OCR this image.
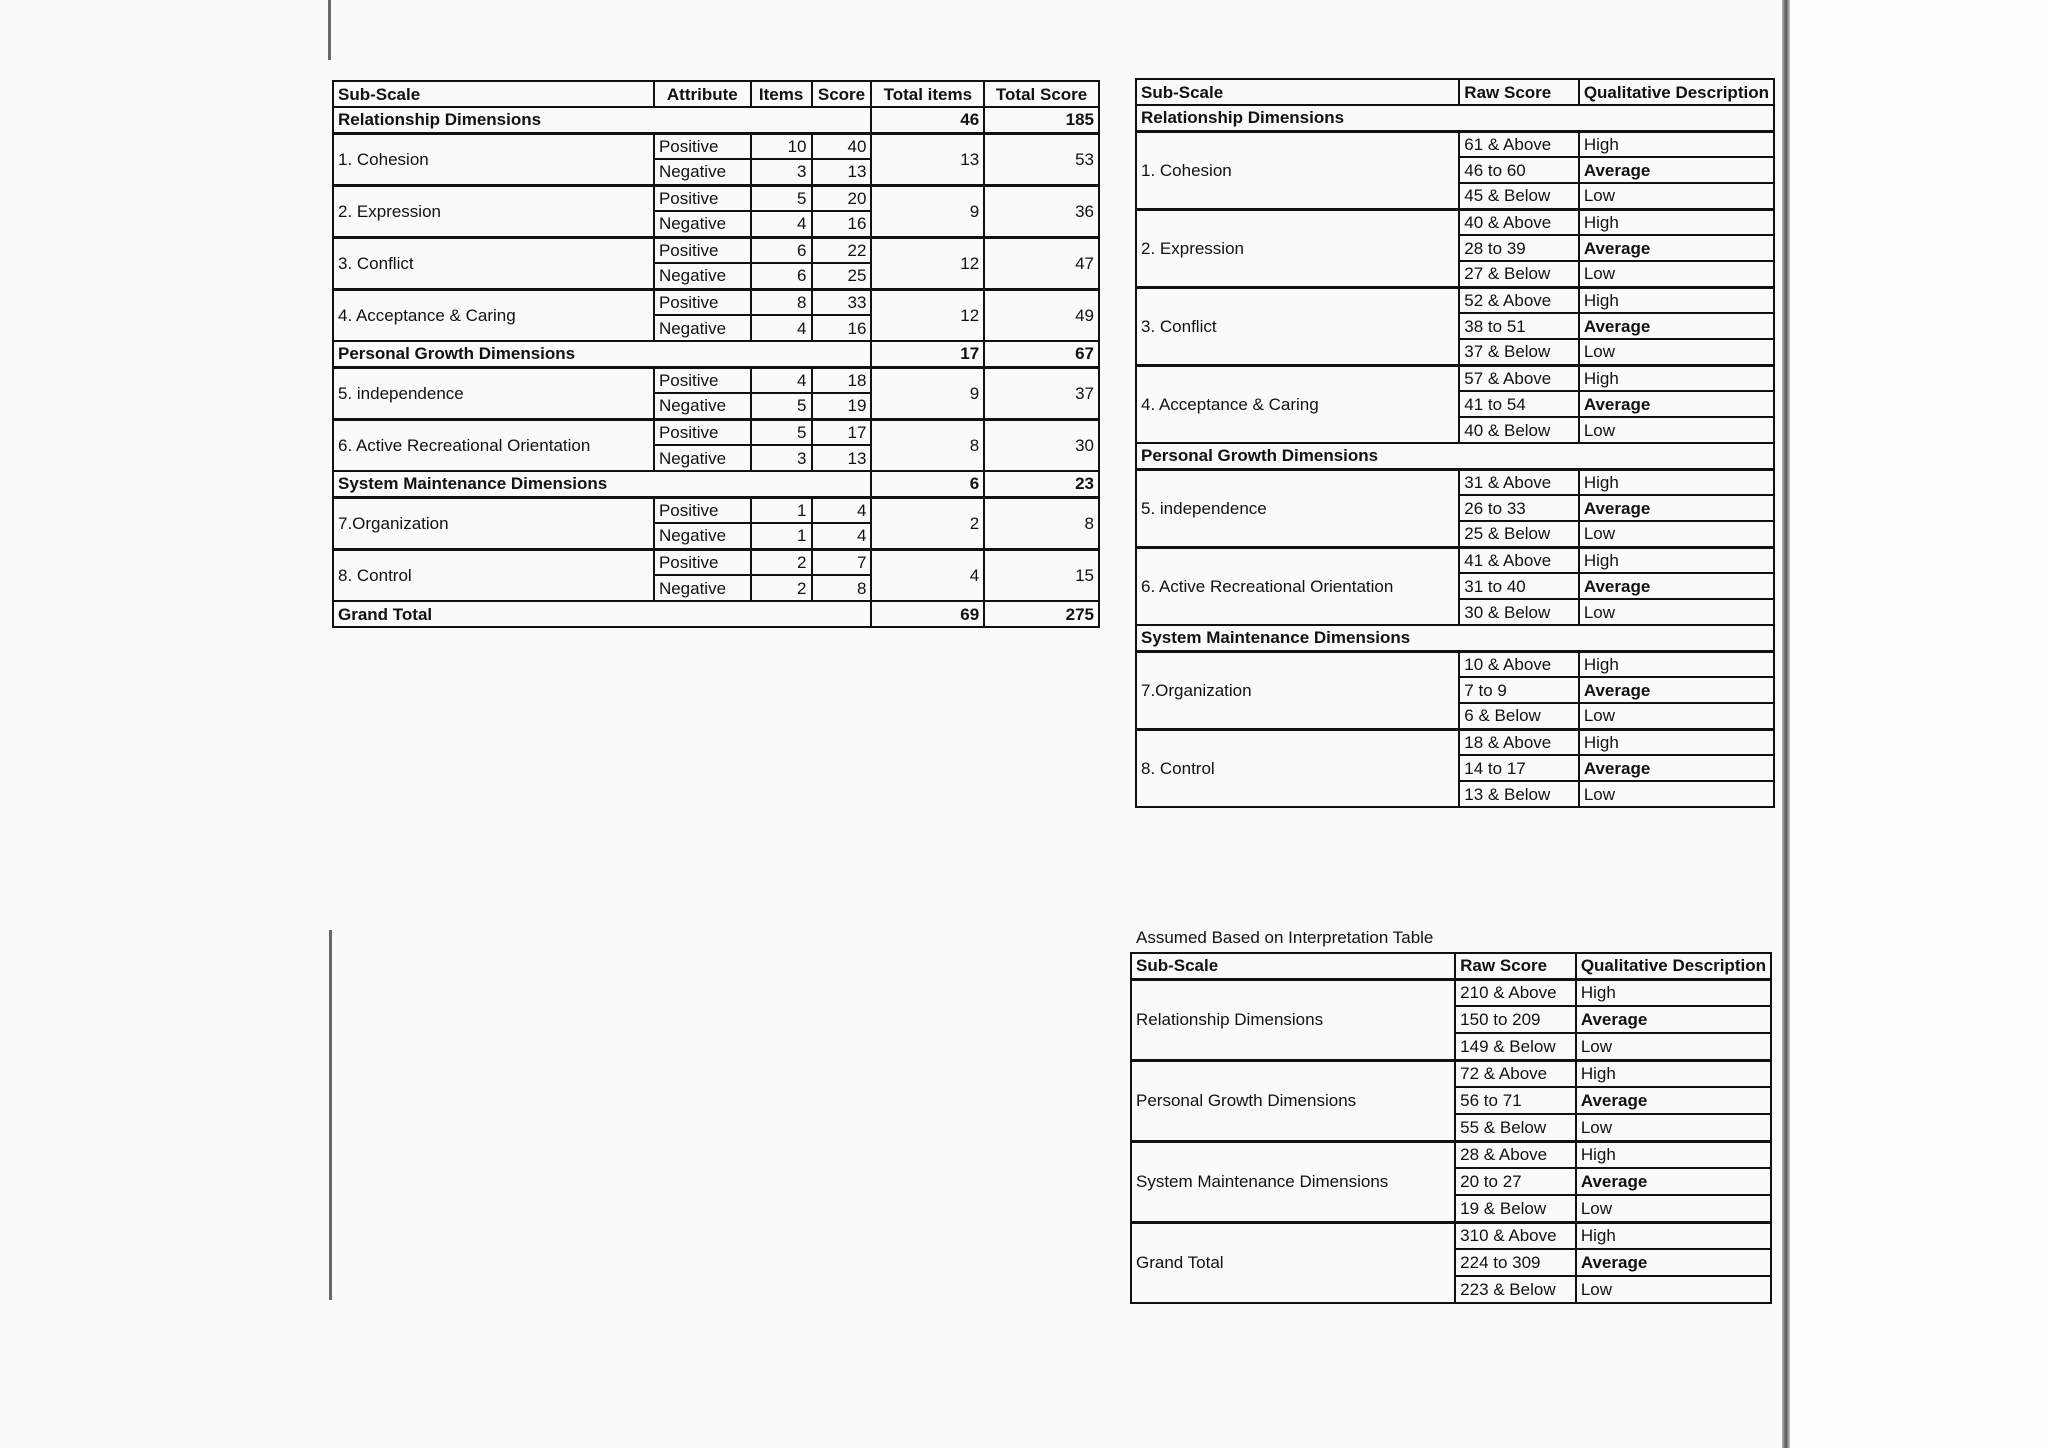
Sub-Scale	Attribute	Items	Score	Total items	Total Score
Relationship Dimensions				46	185
1. Cohesion	Positive	10	40	13	53
	Negative	3	13		
2. Expression	Positive	5	20	9	36
	Negative	4	16		
3. Conflict	Positive	6	22	12	47
	Negative	6	25		
4. Acceptance & Caring	Positive	8	33	12	49
	Negative	4	16		
Personal Growth Dimensions				17	67
5. independence	Positive	4	18	9	37
	Negative	5	19		
6. Active Recreational Orientation	Positive	5	17	8	30
	Negative	3	13		
System Maintenance Dimensions				6	23
7.Organization	Positive	1	4	2	8
	Negative	1	4		
8. Control	Positive	2	7	4	15
	Negative	2	8		
Grand Total				69	275
Sub-Scale	Raw Score	Qualitative Description
Relationship Dimensions		
1. Cohesion	61 & Above	High
	46 to 60	Average
	45 & Below	Low
2. Expression	40 & Above	High
	28 to 39	Average
	27 & Below	Low
3. Conflict	52 & Above	High
	38 to 51	Average
	37 & Below	Low
4. Acceptance & Caring	57 & Above	High
	41 to 54	Average
	40 & Below	Low
Personal Growth Dimensions		
5. independence	31 & Above	High
	26 to 33	Average
	25 & Below	Low
6. Active Recreational Orientation	41 & Above	High
	31 to 40	Average
	30 & Below	Low
System Maintenance Dimensions		
7.Organization	10 & Above	High
	7 to 9	Average
	6 & Below	Low
8. Control	18 & Above	High
	14 to 17	Average
	13 & Below	Low
Assumed Based on Interpretation Table
Sub-Scale	Raw Score	Qualitative Description
Relationship Dimensions	210 & Above	High
	150 to 209	Average
	149 & Below	Low
Personal Growth Dimensions	72 & Above	High
	56 to 71	Average
	55 & Below	Low
System Maintenance Dimensions	28 & Above	High
	20 to 27	Average
	19 & Below	Low
Grand Total	310 & Above	High
	224 to 309	Average
	223 & Below	Low
